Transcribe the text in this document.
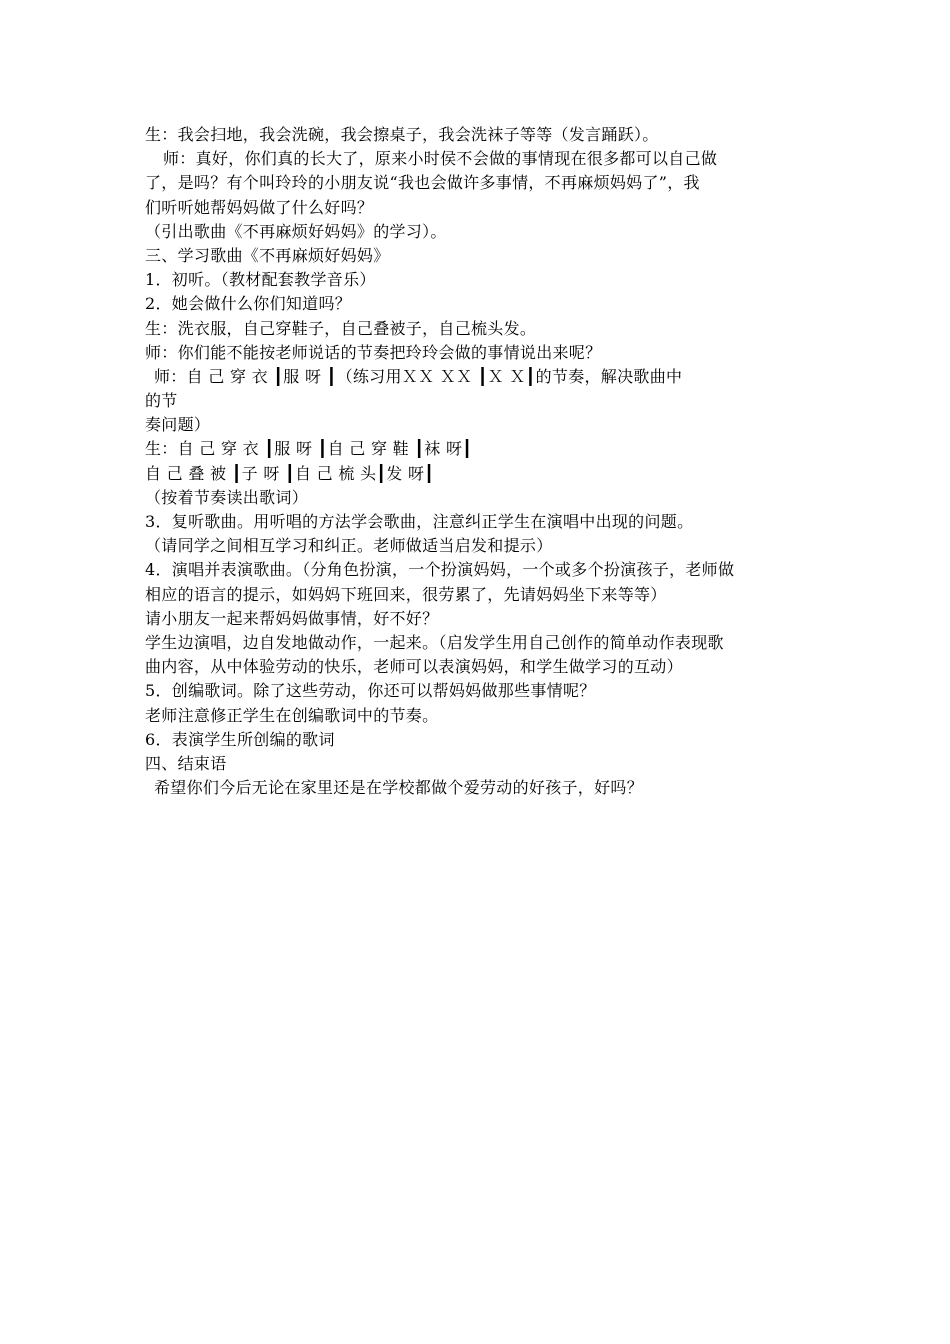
生：我会扫地，我会洗碗，我会擦桌子，我会洗袜子等等（发言踊跃）。
师：真好，你们真的长大了，原来小时侯不会做的事情现在很多都可以自己做
了，是吗？有个叫玲玲的小朋友说“我也会做许多事情，不再麻烦妈妈了”，我
们听听她帮妈妈做了什么好吗？
（引出歌曲《不再麻烦好妈妈》的学习）。
三、学习歌曲《不再麻烦好妈妈》
1．初听。（教材配套教学音乐）
2．她会做什么你们知道吗？
生：洗衣服，自己穿鞋子，自己叠被子，自己梳头发。
师：你们能不能按老师说话的节奏把玲玲会做的事情说出来呢？
师：自 己 穿 衣 ┃服 呀 ┃（练习用ＸＸ ＸＸ ┃Ｘ Ｘ┃的节奏，解决歌曲中
的节
奏问题）
生：自 己 穿 衣 ┃服 呀 ┃自 己 穿 鞋 ┃袜 呀┃
自 己 叠 被 ┃子 呀 ┃自 己 梳 头┃发 呀┃
（按着节奏读出歌词）
3．复听歌曲。用听唱的方法学会歌曲，注意纠正学生在演唱中出现的问题。
（请同学之间相互学习和纠正。老师做适当启发和提示）
4．演唱并表演歌曲。（分角色扮演，一个扮演妈妈，一个或多个扮演孩子，老师做
相应的语言的提示，如妈妈下班回来，很劳累了，先请妈妈坐下来等等）
请小朋友一起来帮妈妈做事情，好不好？
学生边演唱，边自发地做动作，一起来。（启发学生用自己创作的简单动作表现歌
曲内容，从中体验劳动的快乐，老师可以表演妈妈，和学生做学习的互动）
5．创编歌词。除了这些劳动，你还可以帮妈妈做那些事情呢？
老师注意修正学生在创编歌词中的节奏。
6．表演学生所创编的歌词
四、结束语
希望你们今后无论在家里还是在学校都做个爱劳动的好孩子，好吗？
